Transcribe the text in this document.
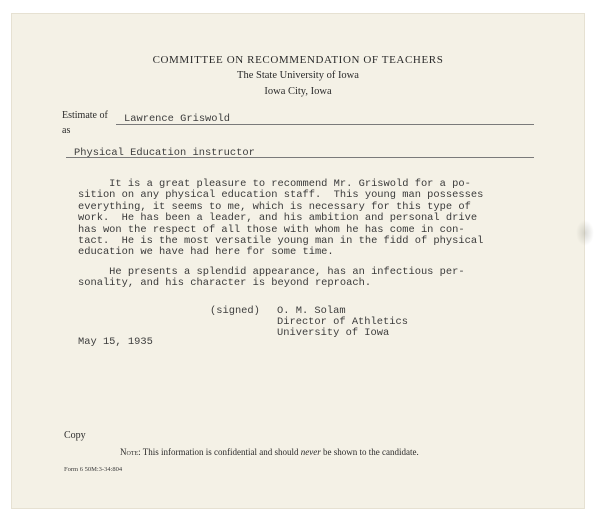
COMMITTEE ON RECOMMENDATION OF TEACHERS
The State University of Iowa
Iowa City, Iowa
Estimate of Lawrence Griswold
as
Physical Education instructor
It is a great pleasure to recommend Mr. Griswold for a po-
sition on any physical education staff.  This young man possesses
everything, it seems to me, which is necessary for this type of
work.  He has been a leader, and his ambition and personal drive
has won the respect of all those with whom he has come in con-
tact.  He is the most versatile young man in the fidd of physical
education we have had here for some time.
He presents a splendid appearance, has an infectious per-
sonality, and his character is beyond reproach.
(signed) O. M. Solam
Director of Athletics
University of Iowa
May 15, 1935
Copy
Note: This information is confidential and should never be shown to the candidate.
Form 6 50M:3-34:804
